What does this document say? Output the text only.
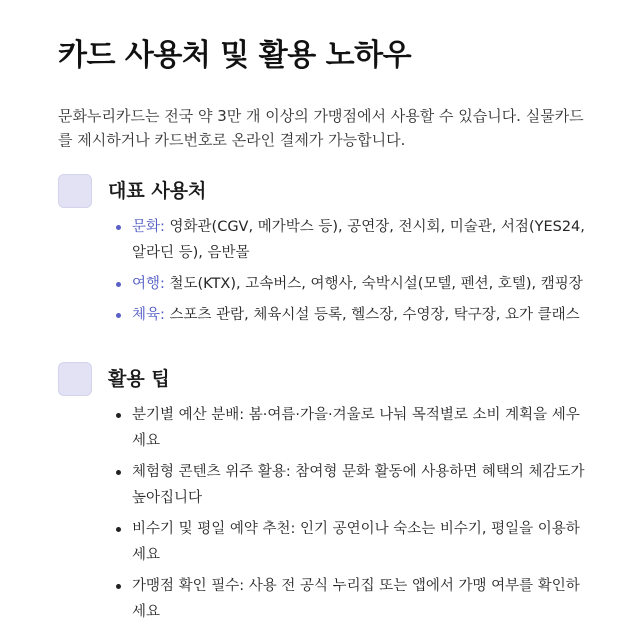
카드 사용처 및 활용 노하우

문화누리카드는 전국 약 3만 개 이상의 가맹점에서 사용할 수 있습니다. 실물카드를 제시하거나 카드번호로 온라인 결제가 가능합니다.

대표 사용처
문화: 영화관(CGV, 메가박스 등), 공연장, 전시회, 미술관, 서점(YES24, 알라딘 등), 음반몰
여행: 철도(KTX), 고속버스, 여행사, 숙박시설(모텔, 펜션, 호텔), 캠핑장
체육: 스포츠 관람, 체육시설 등록, 헬스장, 수영장, 탁구장, 요가 클래스
활용 팁
분기별 예산 분배: 봄·여름·가을·겨울로 나눠 목적별로 소비 계획을 세우세요
체험형 콘텐츠 위주 활용: 참여형 문화 활동에 사용하면 혜택의 체감도가 높아집니다
비수기 및 평일 예약 추천: 인기 공연이나 숙소는 비수기, 평일을 이용하세요
가맹점 확인 필수: 사용 전 공식 누리집 또는 앱에서 가맹 여부를 확인하세요
